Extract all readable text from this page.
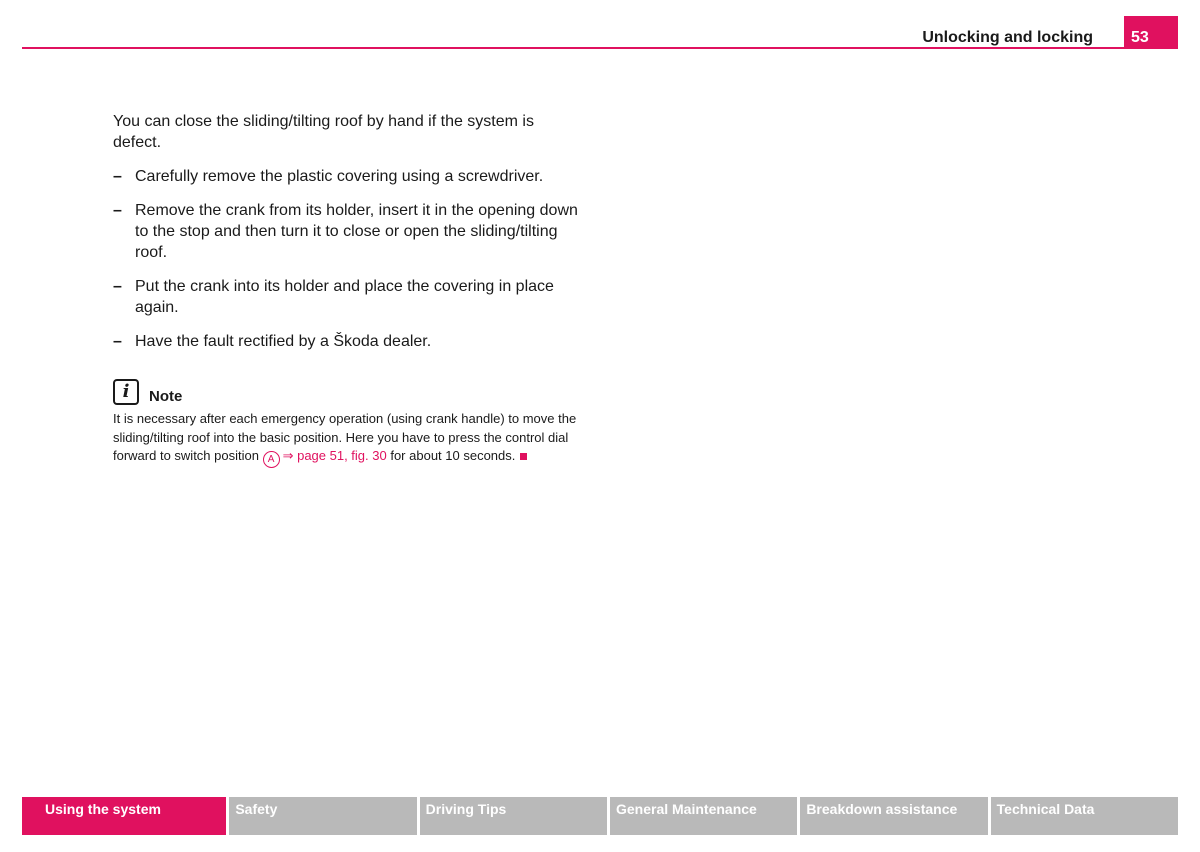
Unlocking and locking	53

You can close the sliding/tilting roof by hand if the system is defect.

– Carefully remove the plastic covering using a screwdriver.
– Remove the crank from its holder, insert it in the opening down to the stop and then turn it to close or open the sliding/tilting roof.
– Put the crank into its holder and place the covering in place again.
– Have the fault rectified by a Škoda dealer.
i	Note
It is necessary after each emergency operation (using crank handle) to move the sliding/tilting roof into the basic position. Here you have to press the control dial forward to switch position A ⇒ page 51, fig. 30 for about 10 seconds.
Using the system	Safety	Driving Tips	General Maintenance	Breakdown assistance	Technical Data
